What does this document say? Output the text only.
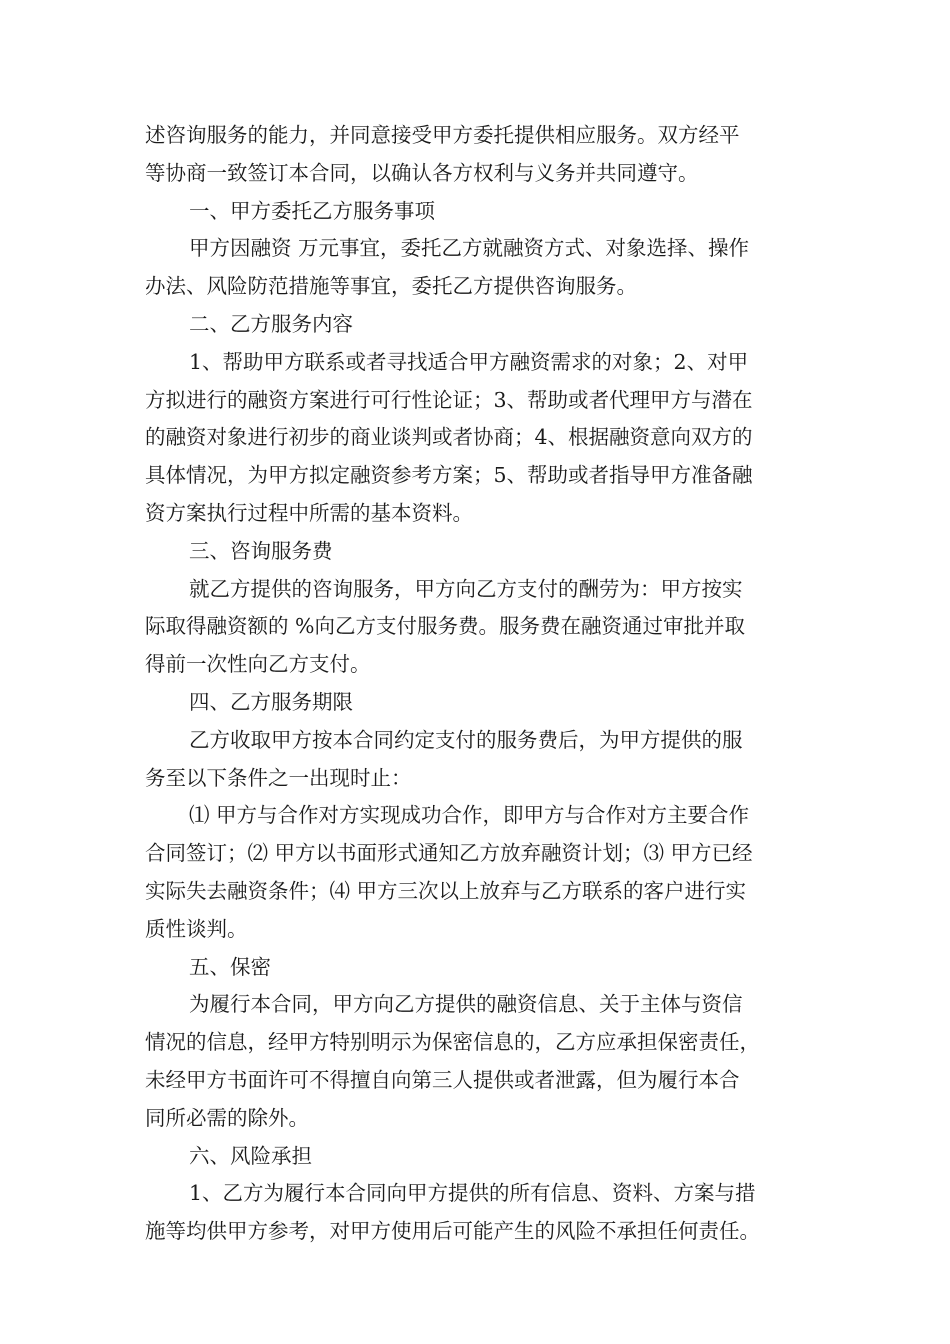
述咨询服务的能力，并同意接受甲方委托提供相应服务。双方经平
等协商一致签订本合同，以确认各方权利与义务并共同遵守。
一、甲方委托乙方服务事项
甲方因融资 万元事宜，委托乙方就融资方式、对象选择、操作
办法、风险防范措施等事宜，委托乙方提供咨询服务。
二、乙方服务内容
1、帮助甲方联系或者寻找适合甲方融资需求的对象；2、对甲
方拟进行的融资方案进行可行性论证；3、帮助或者代理甲方与潜在
的融资对象进行初步的商业谈判或者协商；4、根据融资意向双方的
具体情况，为甲方拟定融资参考方案；5、帮助或者指导甲方准备融
资方案执行过程中所需的基本资料。
三、咨询服务费
就乙方提供的咨询服务，甲方向乙方支付的酬劳为：甲方按实
际取得融资额的 %向乙方支付服务费。服务费在融资通过审批并取
得前一次性向乙方支付。
四、乙方服务期限
乙方收取甲方按本合同约定支付的服务费后，为甲方提供的服
务至以下条件之一出现时止：
⑴ 甲方与合作对方实现成功合作，即甲方与合作对方主要合作
合同签订；⑵ 甲方以书面形式通知乙方放弃融资计划；⑶ 甲方已经
实际失去融资条件；⑷ 甲方三次以上放弃与乙方联系的客户进行实
质性谈判。
五、保密
为履行本合同，甲方向乙方提供的融资信息、关于主体与资信
情况的信息，经甲方特别明示为保密信息的，乙方应承担保密责任，
未经甲方书面许可不得擅自向第三人提供或者泄露，但为履行本合
同所必需的除外。
六、风险承担
1、乙方为履行本合同向甲方提供的所有信息、资料、方案与措
施等均供甲方参考，对甲方使用后可能产生的风险不承担任何责任。
